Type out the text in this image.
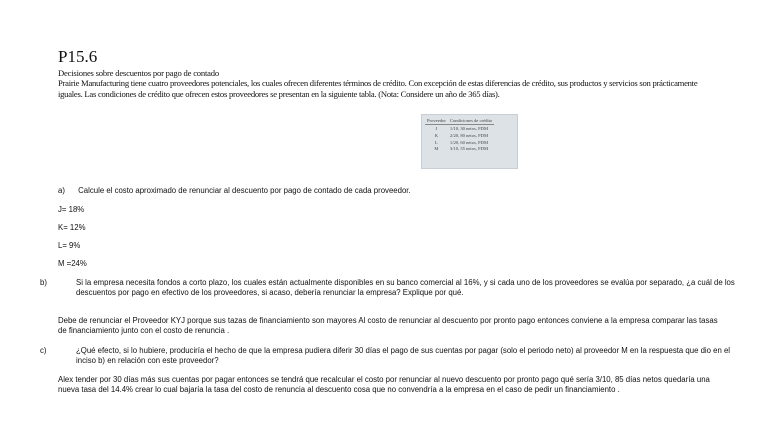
P15.6
Decisiones sobre descuentos por pago de contado
Prairie Manufacturing tiene cuatro proveedores potenciales, los cuales ofrecen diferentes términos de crédito. Con excepción de estas diferencias de crédito, sus productos y servicios son prácticamente iguales. Las condiciones de crédito que ofrecen estos proveedores se presentan en la siguiente tabla. (Nota: Considere un año de 365 días).
Proveedor	Condiciones de crédito
J	1/10, 30 netos, FDM
K	2/20, 80 netos, FDM
L	1/20, 60 netos, FDM
M	3/10, 55 netos, FDM
a) Calcule el costo aproximado de renunciar al descuento por pago de contado de cada proveedor.
J= 18%
K= 12%
L= 9%
M =24%
b)	Si la empresa necesita fondos a corto plazo, los cuales están actualmente disponibles en su banco comercial al 16%, y si cada uno de los proveedores se evalúa por separado, ¿a cuál de los descuentos por pago en efectivo de los proveedores, si acaso, debería renunciar la empresa? Explique por qué.
Debe de renunciar el Proveedor KYJ porque sus tazas de financiamiento son mayores Al costo de renunciar al descuento por pronto pago entonces conviene a la empresa comparar las tasas de financiamiento junto con el costo de renuncia .
c)	¿Qué efecto, si lo hubiere, produciría el hecho de que la empresa pudiera diferir 30 días el pago de sus cuentas por pagar (solo el periodo neto) al proveedor M en la respuesta que dio en el inciso b) en relación con este proveedor?
Alex tender por 30 días más sus cuentas por pagar entonces se tendrá que recalcular el costo por renunciar al nuevo descuento por pronto pago qué sería 3/10, 85 días netos quedaría una nueva tasa del 14.4% crear lo cual bajaría la tasa del costo de renuncia al descuento cosa que no convendría a la empresa en el caso de pedir un financiamiento .
